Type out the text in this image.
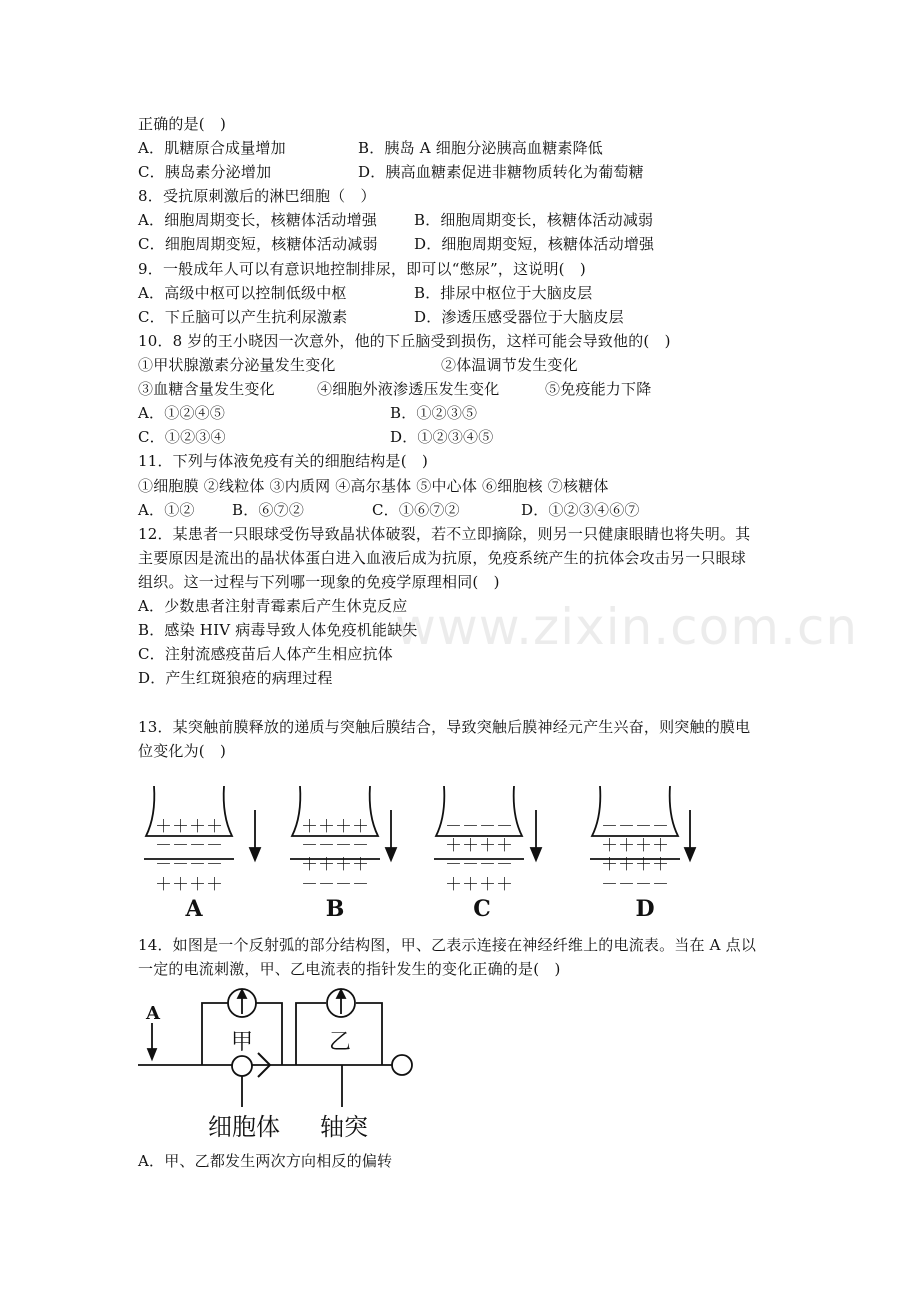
www.zixin.com.cn
正确的是(　)
A．肌糖原合成量增加	B．胰岛 A 细胞分泌胰高血糖素降低
C．胰岛素分泌增加	D．胰高血糖素促进非糖物质转化为葡萄糖
8．受抗原刺激后的淋巴细胞（　）
A．细胞周期变长，核糖体活动增强 B．细胞周期变长，核糖体活动减弱
C．细胞周期变短，核糖体活动减弱 D．细胞周期变短，核糖体活动增强
9．一般成年人可以有意识地控制排尿，即可以“憋尿”，这说明(　)
A．高级中枢可以控制低级中枢	B．排尿中枢位于大脑皮层
C．下丘脑可以产生抗利尿激素	D．渗透压感受器位于大脑皮层
10．8 岁的王小晓因一次意外，他的下丘脑受到损伤，这样可能会导致他的(　)
①甲状腺激素分泌量发生变化	②体温调节发生变化
③血糖含量发生变化	④细胞外液渗透压发生变化	⑤免疫能力下降
A．①②④⑤	B．①②③⑤
C．①②③④	D．①②③④⑤
11．下列与体液免疫有关的细胞结构是(　)
①细胞膜 ②线粒体 ③内质网 ④高尔基体 ⑤中心体 ⑥细胞核 ⑦核糖体
A．①② B．⑥⑦②	C．①⑥⑦②	D．①②③④⑥⑦
12．某患者一只眼球受伤导致晶状体破裂，若不立即摘除，则另一只健康眼睛也将失明。其
主要原因是流出的晶状体蛋白进入血液后成为抗原，免疫系统产生的抗体会攻击另一只眼球
组织。这一过程与下列哪一现象的免疫学原理相同(　)
A．少数患者注射青霉素后产生休克反应
B．感染 HIV 病毒导致人体免疫机能缺失
C．注射流感疫苗后人体产生相应抗体
D．产生红斑狼疮的病理过程
13．某突触前膜释放的递质与突触后膜结合，导致突触后膜神经元产生兴奋，则突触的膜电
位变化为(　)
＋＋＋＋
－－－－
－－－－
＋＋＋＋
＋＋＋＋
－－－－
＋＋＋＋
－－－－
－－－－
＋＋＋＋
－－－－
＋＋＋＋
－－－－
＋＋＋＋
＋＋＋＋
－－－－
A	B	C	D
14．如图是一个反射弧的部分结构图，甲、乙表示连接在神经纤维上的电流表。当在 A 点以
一定的电流刺激，甲、乙电流表的指针发生的变化正确的是(　)
A
甲	乙
细胞体 轴突
A．甲、乙都发生两次方向相反的偏转
